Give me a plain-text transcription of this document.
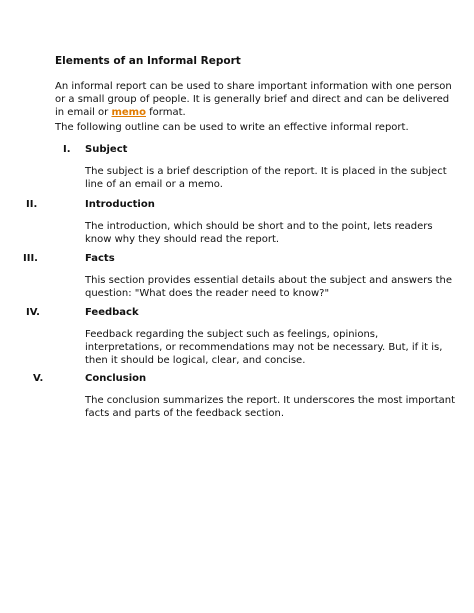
Elements of an Informal Report
An informal report can be used to share important information with one person
or a small group of people. It is generally brief and direct and can be delivered
in email or memo format.
The following outline can be used to write an effective informal report.
I. Subject
The subject is a brief description of the report. It is placed in the subject
line of an email or a memo.
II.	Introduction
The introduction, which should be short and to the point, lets readers
know why they should read the report.
III.	Facts
This section provides essential details about the subject and answers the
question: "What does the reader need to know?"
IV.	Feedback
Feedback regarding the subject such as feelings, opinions,
interpretations, or recommendations may not be necessary. But, if it is,
then it should be logical, clear, and concise.
V.	Conclusion
The conclusion summarizes the report. It underscores the most important
facts and parts of the feedback section.
